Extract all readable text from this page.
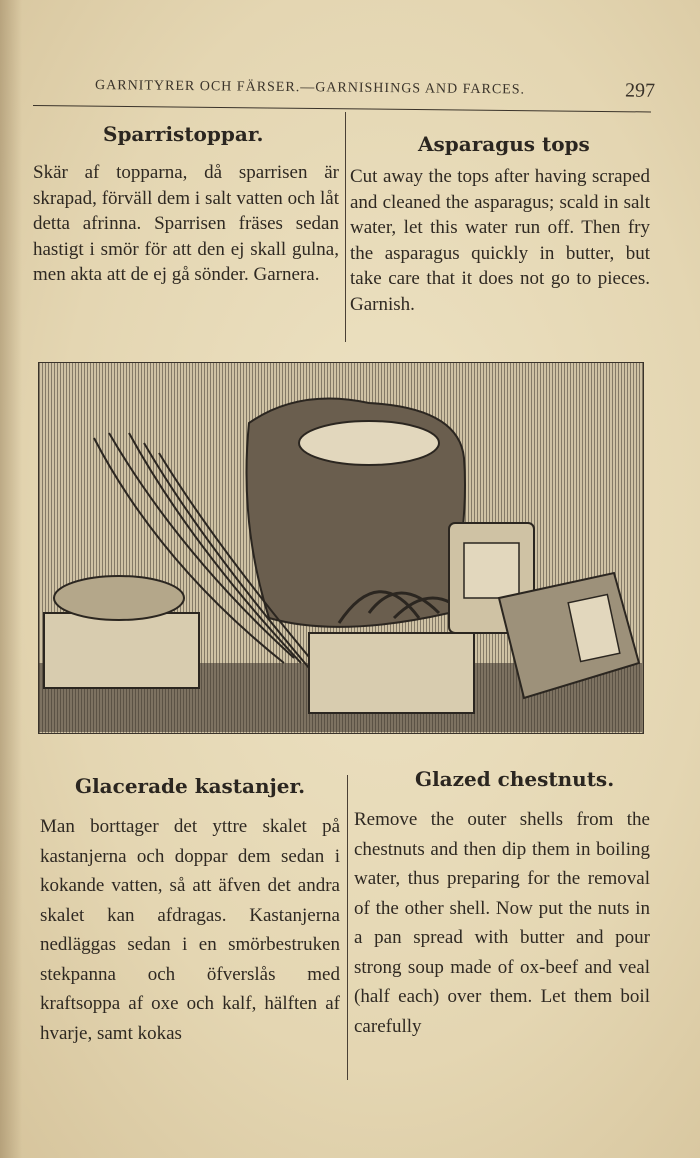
GARNITYRER OCH FÄRSER.—GARNISHINGS AND FARCES.	297
Sparristoppar.
Skär af topparna, då sparrisen är skrapad, förväll dem i salt vatten och låt detta afrinna. Sparrisen fräses sedan hastigt i smör för att den ej skall gulna, men akta att de ej gå sönder. Garnera.
Asparagus tops
Cut away the tops after having scraped and cleaned the asparagus; scald in salt water, let this water run off. Then fry the asparagus quickly in butter, but take care that it does not go to pieces. Garnish.
Glacerade kastanjer.
Man borttager det yttre skalet på kastanjerna och doppar dem sedan i kokande vatten, så att äfven det andra skalet kan afdragas. Kastanjerna nedläggas sedan i en smörbestruken stekpanna och öfverslås med kraftsoppa af oxe och kalf, hälften af hvarje, samt kokas
Glazed chestnuts.
Remove the outer shells from the chestnuts and then dip them in boiling water, thus preparing for the removal of the other shell. Now put the nuts in a pan spread with butter and pour strong soup made of ox-beef and veal (half each) over them. Let them boil carefully
